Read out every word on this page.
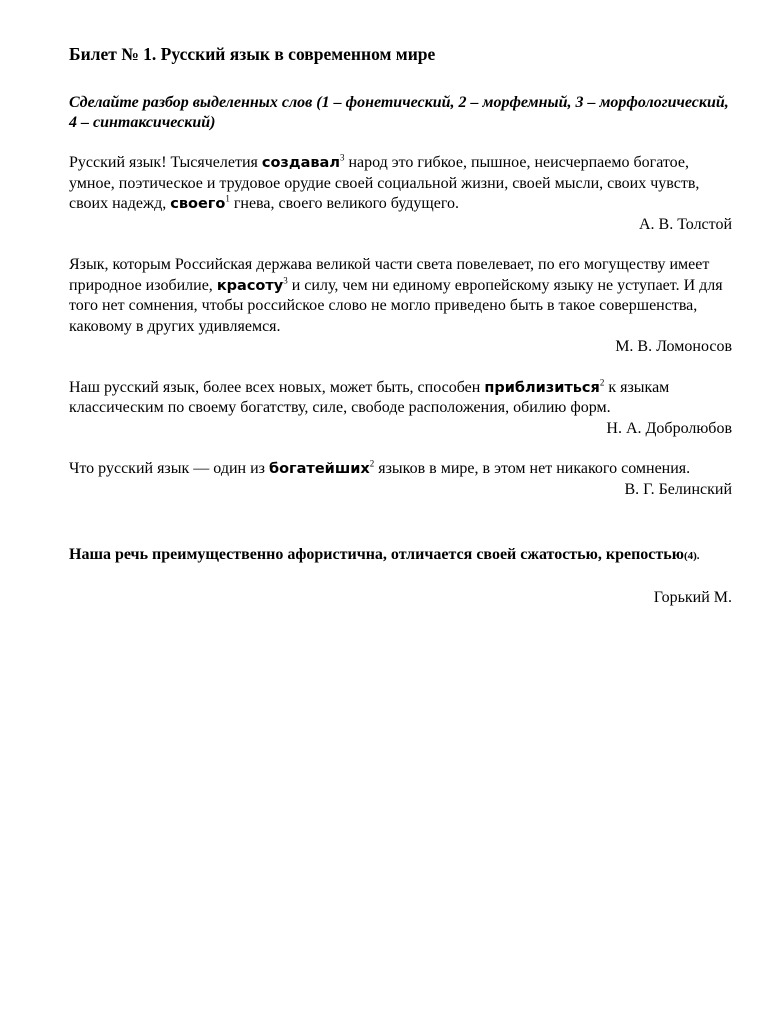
Билет № 1. Русский язык в современном мире
Сделайте разбор выделенных слов (1 – фонетический, 2 – морфемный, 3 – морфологический, 4 – синтаксический)

Русский язык! Тысячелетия создавал$^3$ народ это гибкое, пышное, неисчерпаемо богатое, умное, поэтическое и трудовое орудие своей социальной жизни, своей мысли, своих чувств, своих надежд, своего$^1$ гнева, своего великого будущего.

А. В. Толстой

Язык, которым Российская держава великой части света повелевает, по его могуществу имеет природное изобилие, красоту$^3$ и силу, чем ни единому европейскому языку не уступает. И для того нет сомнения, чтобы российское слово не могло приведено быть в такое совершенства, каковому в других удивляемся.

М. В. Ломоносов

Наш русский язык, более всех новых, может быть, способен приблизиться$^2$ к языкам классическим по своему богатству, силе, свободе расположения, обилию форм.

Н. А. Добролюбов

Что русский язык — один из богатейших$^2$ языков в мире, в этом нет никакого сомнения.

В. Г. Белинский

Наша речь преимущественно афористична, отличается своей сжатостью, крепостью(4).

Горький М.
